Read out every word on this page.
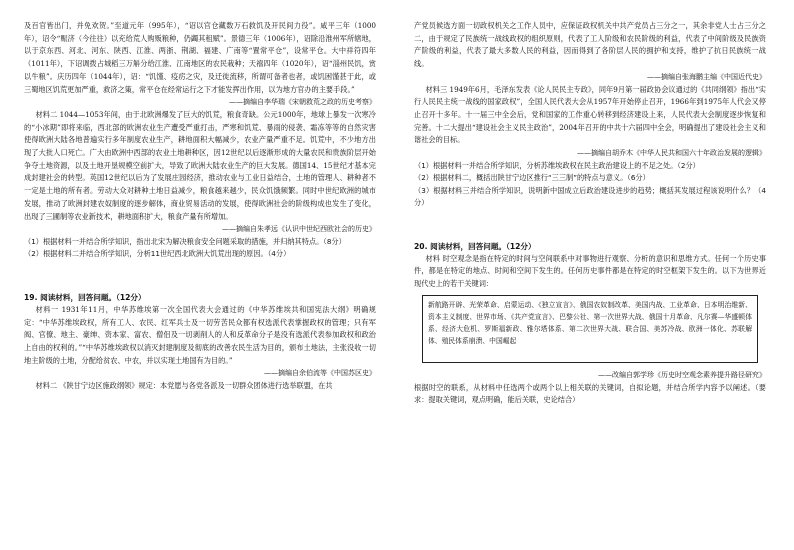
及百官皆出门，并免欢贺。”至道元年（995年），“诏以官仓藏数万石救饥及开民间力役”。咸平三年（1000年），诏令“赈济（今往往）以充给荒人购贩粮种，仍蠲其租赋”。景德三年（1006年），诏除沿淮州军所辖地，以于京东西、河北、河东、陕西、江淮、两浙、荆湖、福建、广南等“置常平仓”，设常平仓。大中祥符四年（1011年），下诏调拨占城稻三万斛分给江淮、江南地区的农民栽种；天禧四年（1020年），诏“淄州民饥，赏以牛粮”。庆历四年（1044年），诏：“饥馑、疫疠之灾，及迁徙流移，所谓可备者也者，或饥困馑甚于此，或三蜀地区饥荒更加严重，救济之策，常平仓在经常运行之下才能发挥出作用，以为地方官办的主要手段。”

——摘编自李华瑞《宋朝救荒之政的历史考察》

材料二 1044—1053年间，由于北欧洲爆发了巨大的饥荒，粮食奇缺。公元1000年，地球上暴发一次寒冷的“小冰期”即将来临，西北部的欧洲农业生产遭受严重打击，严寒和饥荒、暴雨的侵袭、霜冻等等的自然灾害使得欧洲大陆各地普遍实行多年制度农业生产，耕地面积大幅减少，农业产量严重不足。饥荒中，不少地方出现了大批人口死亡。广大由欧洲中西部的农业土地耕种区，因12世纪以后逐渐形成的大量农民和贵族阶层开始争夺土地资源，以及土地开垦规模空前扩大，导致了欧洲大陆农业生产的巨大发展。德国14、15世纪才基本完成封建社会的转型。英国12世纪以后为了发展庄园经济，推动农业与工业日益结合，土地的管理人、耕种者不一定是土地的所有者。劳动大众对耕种土地日益减少，粮食越来越少，民众饥饿频繁。同时中世纪欧洲的城市发展，推动了欧洲封建农奴制度的逐步解体，商业贸易活动的发展，使得欧洲社会的阶级构成也发生了变化，出现了三圃制等农业新技术，耕地面积扩大，粮食产量有所增加。

——摘编自朱孝远《认识中世纪西欧社会的历史》

（1）根据材料一并结合所学知识，指出北宋为解决粮食安全问题采取的措施，并归纳其特点。（8分）

（2）根据材料二并结合所学知识，分析11世纪西北欧洲大饥荒出现的原因。（4分）

19. 阅读材料，回答问题。（12分）

材料一 1931年11月，中华苏维埃第一次全国代表大会通过的《中华苏维埃共和国宪法大纲》明确规定：“中华苏维埃政权，所有工人、农民、红军兵士及一切劳苦民众都有权选派代表掌握政权的管理；只有军阀、官僚、地主、豪绅、资本家、富农、僧侣及一切剥削人的人和反革命分子是没有选派代表参加政权和政治上自由的权利的。”“中华苏维埃政权以消灭封建制度及彻底的改善农民生活为目的，颁布土地法，主张没收一切地主阶级的土地，分配给贫农、中农，并以实现土地国有为目的。”

——摘编自余伯流等《中国苏区史》

材料二 《陕甘宁边区施政纲领》规定：本党愿与各党各派及一切群众团体进行选举联盟，在共

产党员候选方面一切政权机关之工作人员中，应保证政权机关中共产党员占三分之一，其余非党人士占三分之二，由于规定了民族统一战线政权的组织原则，代表了工人阶级和农民阶级的利益，代表了中间阶级及民族资产阶级的利益，代表了最大多数人民的利益，因而得到了各阶层人民的拥护和支持，维护了抗日民族统一战线。

——摘编自张海鹏主编《中国近代史》

材料三 1949年6月，毛泽东发表《论人民民主专政》，同年9月第一届政协会议通过的《共同纲领》指出“实行人民民主统一战线的国家政权”，全国人民代表大会从1957年开始停止召开，1966年到1975年人代会又停止召开十多年。十一届三中全会后，党和国家的工作重心转移到经济建设上来，人民代表大会制度逐步恢复和完善。十二大提出“建设社会主义民主政治”，2004年召开的中共十六届四中全会，明确提出了建设社会主义和谐社会的目标。

——摘编自胡乔木《中华人民共和国六十年政治发展的逻辑》

（1）根据材料一并结合所学知识，分析苏维埃政权在民主政治建设上的不足之处。（2分）

（2）根据材料二，概括出陕甘宁边区推行“三三制”的特点与意义。（6分）

（3）根据材料三并结合所学知识，说明新中国成立后政治建设进步的趋势；概括其发展过程该说明什么？（4分）

20. 阅读材料，回答问题。（12分）

材料 时空观念是指在特定的时间与空间联系中对事物进行观察、分析的意识和思维方式。任何一个历史事件，都是在特定的地点、时间和空间下发生的。任何历史事件都是在特定的时空框架下发生的。以下为世界近现代史上的若干关键词：

新航路开辟、光荣革命、启蒙运动、《独立宣言》、俄国农奴制改革、美国内战、工业革命、日本明治维新、资本主义制度、世界市场、《共产党宣言》、巴黎公社、第一次世界大战、俄国十月革命、凡尔赛—华盛顿体系、经济大危机、罗斯福新政、雅尔塔体系、第二次世界大战、联合国、美苏冷战、欧洲一体化、苏联解体、殖民体系崩溃、中国崛起

——改编自郭学珍《历史时空观念素养提升路径研究》

根据时空的联系，从材料中任选两个或两个以上相关联的关键词，自拟论题，并结合所学内容予以阐述。（要求：提取关键词，观点明确，能后关联，史论结合）
